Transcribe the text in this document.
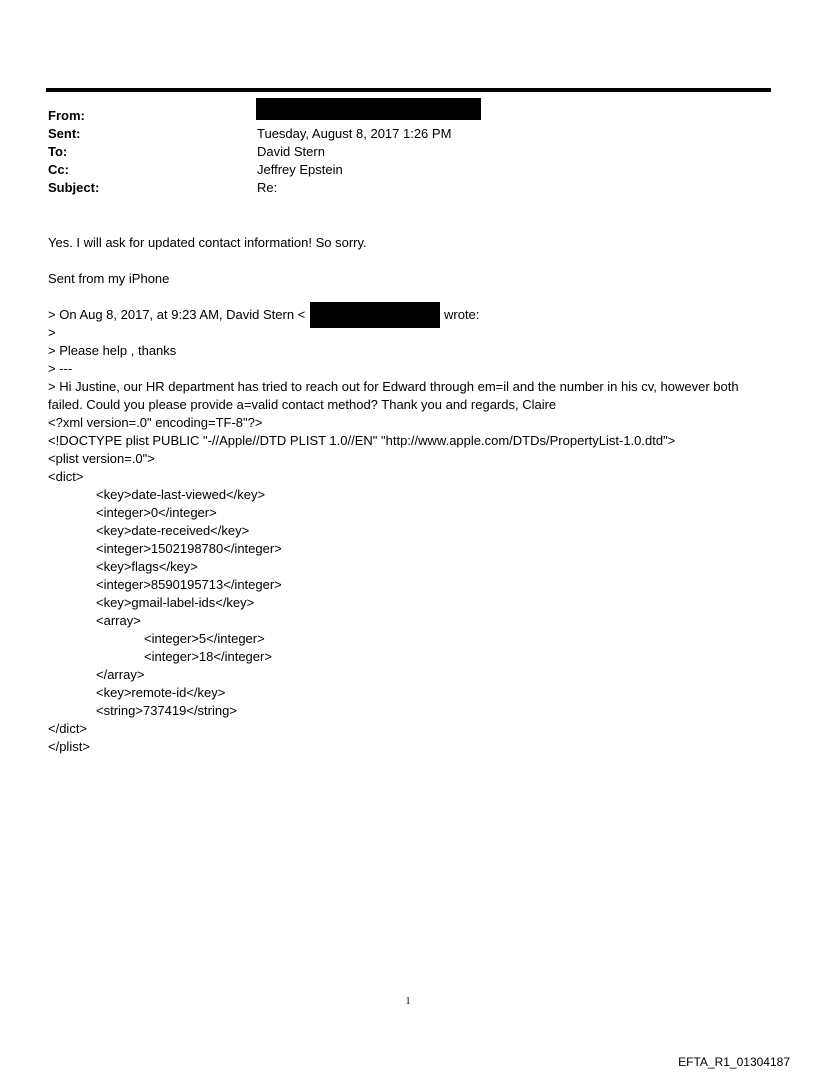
From:
Sent:	Tuesday, August 8, 2017 1:26 PM
To:	David Stern
Cc:	Jeffrey Epstein
Subject:	Re:
Yes. I will ask for updated contact information! So sorry.
Sent from my iPhone
> On Aug 8, 2017, at 9:23 AM, David Stern <	wrote:
>
> Please help , thanks
> ---
> Hi Justine, our HR department has tried to reach out for Edward through em=il and the number in his cv, however both
failed. Could you please provide a=valid contact method? Thank you and regards, Claire
<?xml version=.0" encoding=TF-8"?>
<!DOCTYPE plist PUBLIC "-//Apple//DTD PLIST 1.0//EN" "http://www.apple.com/DTDs/PropertyList-1.0.dtd">
<plist version=.0">
<dict>
<key>date-last-viewed</key>
<integer>0</integer>
<key>date-received</key>
<integer>1502198780</integer>
<key>flags</key>
<integer>8590195713</integer>
<key>gmail-label-ids</key>
<array>
<integer>5</integer>
<integer>18</integer>
</array>
<key>remote-id</key>
<string>737419</string>
</dict>
</plist>
1
EFTA_R1_01304187
